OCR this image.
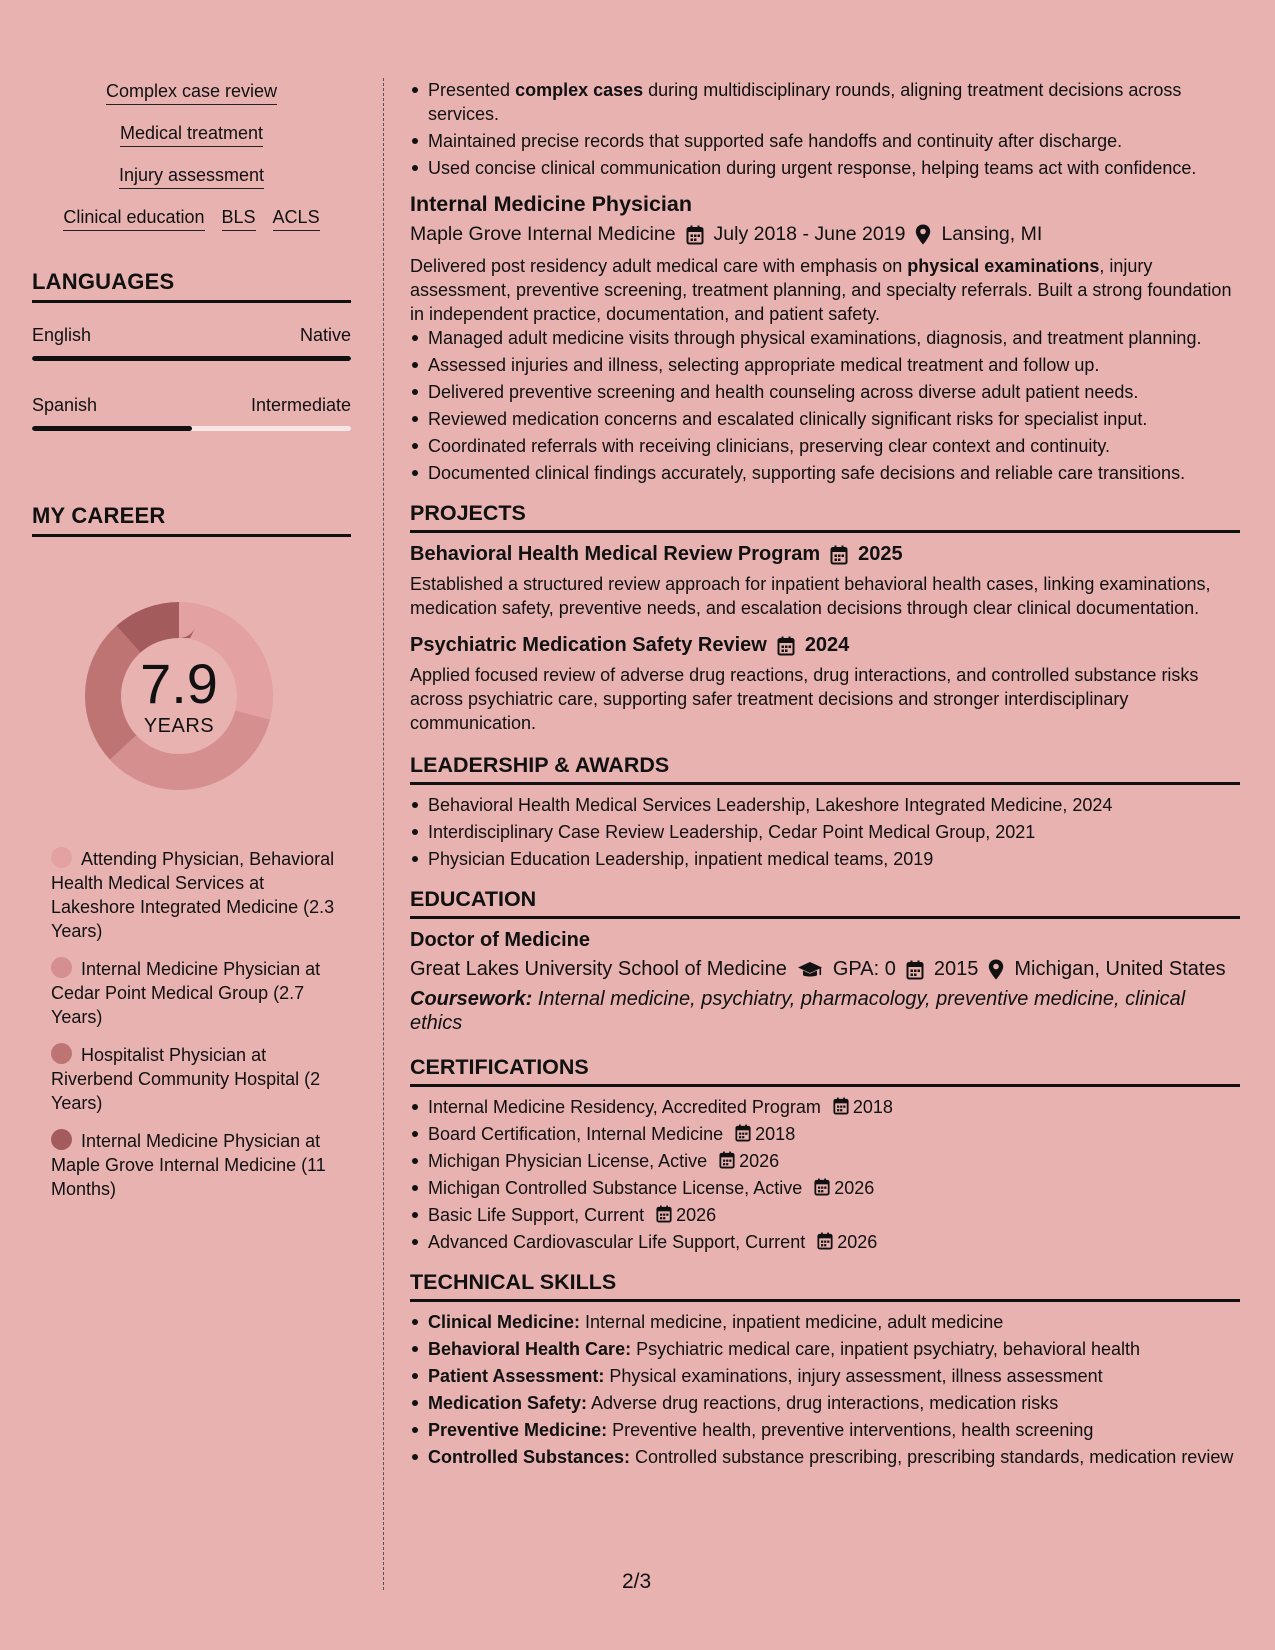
Complex case review
Medical treatment
Injury assessment
Clinical education BLS ACLS
LANGUAGES
English	Native
Spanish	Intermediate
MY CAREER
7.9
YEARS
Attending Physician, Behavioral Health Medical Services at Lakeshore Integrated Medicine (2.3 Years)
Internal Medicine Physician at Cedar Point Medical Group (2.7 Years)
Hospitalist Physician at Riverbend Community Hospital (2 Years)
Internal Medicine Physician at Maple Grove Internal Medicine (11 Months)
Presented complex cases during multidisciplinary rounds, aligning treatment decisions across services.
Maintained precise records that supported safe handoffs and continuity after discharge.
Used concise clinical communication during urgent response, helping teams act with confidence.
Internal Medicine Physician
Maple Grove Internal Medicine July 2018 - June 2019 Lansing, MI
Delivered post residency adult medical care with emphasis on physical examinations, injury assessment, preventive screening, treatment planning, and specialty referrals. Built a strong foundation in independent practice, documentation, and patient safety.
Managed adult medicine visits through physical examinations, diagnosis, and treatment planning.
Assessed injuries and illness, selecting appropriate medical treatment and follow up.
Delivered preventive screening and health counseling across diverse adult patient needs.
Reviewed medication concerns and escalated clinically significant risks for specialist input.
Coordinated referrals with receiving clinicians, preserving clear context and continuity.
Documented clinical findings accurately, supporting safe decisions and reliable care transitions.
PROJECTS
Behavioral Health Medical Review Program 2025
Established a structured review approach for inpatient behavioral health cases, linking examinations, medication safety, preventive needs, and escalation decisions through clear clinical documentation.
Psychiatric Medication Safety Review 2024
Applied focused review of adverse drug reactions, drug interactions, and controlled substance risks across psychiatric care, supporting safer treatment decisions and stronger interdisciplinary communication.
LEADERSHIP & AWARDS
Behavioral Health Medical Services Leadership, Lakeshore Integrated Medicine, 2024
Interdisciplinary Case Review Leadership, Cedar Point Medical Group, 2021
Physician Education Leadership, inpatient medical teams, 2019
EDUCATION
Doctor of Medicine
Great Lakes University School of Medicine GPA: 0 2015 Michigan, United States
Coursework: Internal medicine, psychiatry, pharmacology, preventive medicine, clinical ethics
CERTIFICATIONS
Internal Medicine Residency, Accredited Program 2018
Board Certification, Internal Medicine 2018
Michigan Physician License, Active 2026
Michigan Controlled Substance License, Active 2026
Basic Life Support, Current 2026
Advanced Cardiovascular Life Support, Current 2026
TECHNICAL SKILLS
Clinical Medicine: Internal medicine, inpatient medicine, adult medicine
Behavioral Health Care: Psychiatric medical care, inpatient psychiatry, behavioral health
Patient Assessment: Physical examinations, injury assessment, illness assessment
Medication Safety: Adverse drug reactions, drug interactions, medication risks
Preventive Medicine: Preventive health, preventive interventions, health screening
Controlled Substances: Controlled substance prescribing, prescribing standards, medication review
2/3
